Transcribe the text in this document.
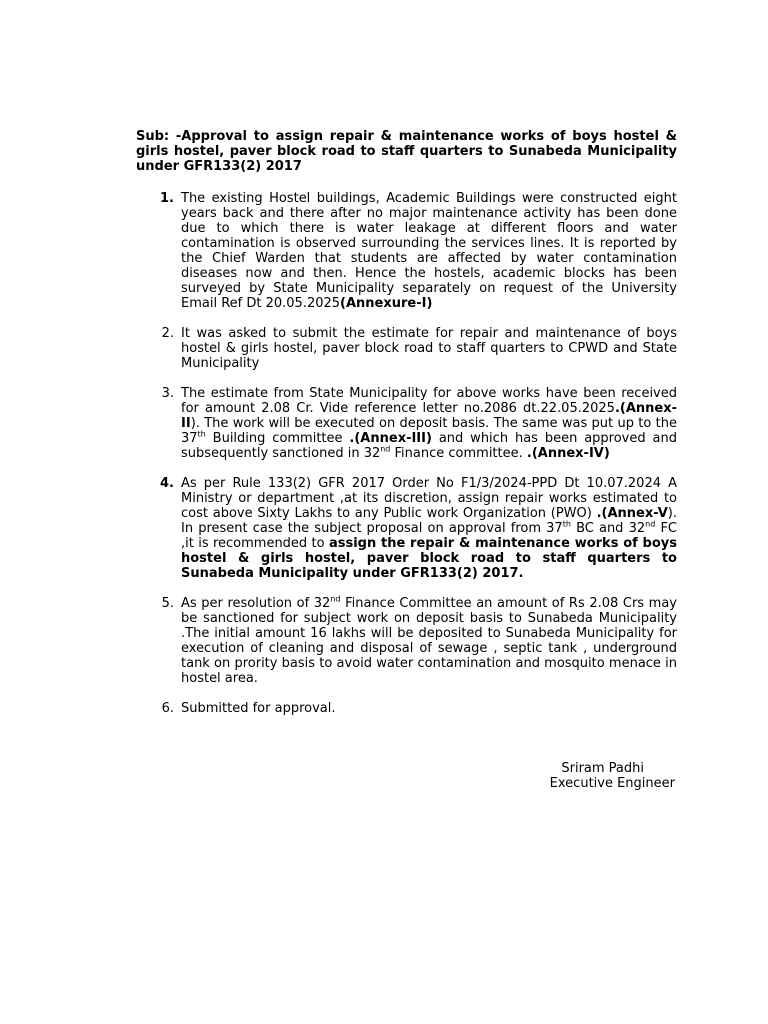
Sub: -Approval to assign repair & maintenance works of boys hostel & girls hostel, paver block road to staff quarters to Sunabeda Municipality under GFR133(2) 2017

1. The existing Hostel buildings, Academic Buildings were constructed eight years back and there after no major maintenance activity has been done due to which there is water leakage at different floors and water contamination is observed surrounding the services lines. It is reported by the Chief Warden that students are affected by water contamination diseases now and then. Hence the hostels, academic blocks has been surveyed by State Municipality separately on request of the University Email Ref Dt 20.05.2025(Annexure-I)
2. It was asked to submit the estimate for repair and maintenance of boys hostel & girls hostel, paver block road to staff quarters to CPWD and State Municipality
3. The estimate from State Municipality for above works have been received for amount 2.08 Cr. Vide reference letter no.2086 dt.22.05.2025.(Annex-II). The work will be executed on deposit basis. The same was put up to the 37th Building committee .(Annex-III) and which has been approved and subsequently sanctioned in 32nd Finance committee. .(Annex-IV)
4. As per Rule 133(2) GFR 2017 Order No F1/3/2024-PPD Dt 10.07.2024 A Ministry or department ,at its discretion, assign repair works estimated to cost above Sixty Lakhs to any Public work Organization (PWO) .(Annex-V). In present case the subject proposal on approval from 37th BC and 32nd FC ,it is recommended to assign the repair & maintenance works of boys hostel & girls hostel, paver block road to staff quarters to Sunabeda Municipality under GFR133(2) 2017.
5. As per resolution of 32nd Finance Committee an amount of Rs 2.08 Crs may be sanctioned for subject work on deposit basis to Sunabeda Municipality .The initial amount 16 lakhs will be deposited to Sunabeda Municipality for execution of cleaning and disposal of sewage , septic tank , underground tank on prority basis to avoid water contamination and mosquito menace in hostel area.
6. Submitted for approval.
Sriram Padhi
Executive Engineer
